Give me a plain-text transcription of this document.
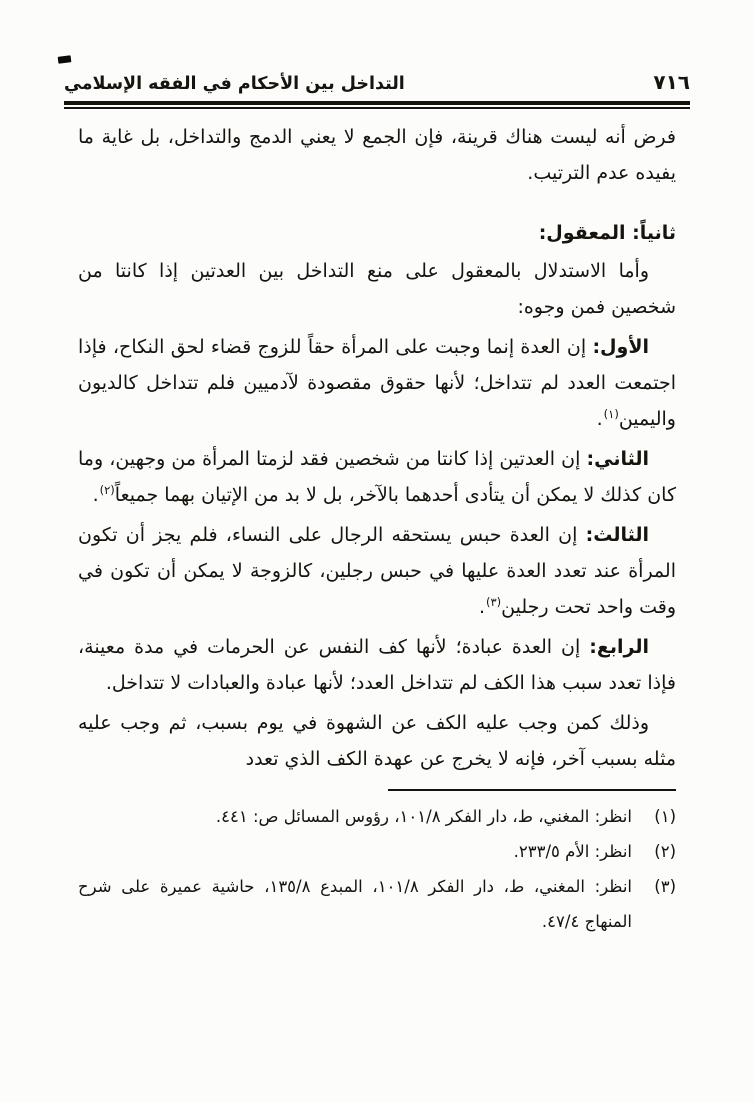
٧١٦
التداخل بين الأحكام في الفقه الإسلامي

فرض أنه ليست هناك قرينة، فإن الجمع لا يعني الدمج والتداخل، بل غاية ما يفيده عدم الترتيب.

ثانياً: المعقول:

وأما الاستدلال بالمعقول على منع التداخل بين العدتين إذا كانتا من شخصين فمن وجوه:

الأول: إن العدة إنما وجبت على المرأة حقاً للزوج قضاء لحق النكاح، فإذا اجتمعت العدد لم تتداخل؛ لأنها حقوق مقصودة لآدميين فلم تتداخل كالديون واليمين$^{(١)}$.

الثاني: إن العدتين إذا كانتا من شخصين فقد لزمتا المرأة من وجهين، وما كان كذلك لا يمكن أن يتأدى أحدهما بالآخر، بل لا بد من الإتيان بهما جميعاً$^{(٢)}$.

الثالث: إن العدة حبس يستحقه الرجال على النساء، فلم يجز أن تكون المرأة عند تعدد العدة عليها في حبس رجلين، كالزوجة لا يمكن أن تكون في وقت واحد تحت رجلين$^{(٣)}$.

الرابع: إن العدة عبادة؛ لأنها كف النفس عن الحرمات في مدة معينة، فإذا تعدد سبب هذا الكف لم تتداخل العدد؛ لأنها عبادة والعبادات لا تتداخل.

وذلك كمن وجب عليه الكف عن الشهوة في يوم بسبب، ثم وجب عليه مثله بسبب آخر، فإنه لا يخرج عن عهدة الكف الذي تعدد

(١)
انظر: المغني، ط، دار الفكر ١٠١/٨، رؤوس المسائل ص: ٤٤١.
(٢)
انظر: الأم ٢٣٣/٥.
(٣)
انظر: المغني، ط، دار الفكر ١٠١/٨، المبدع ١٣٥/٨، حاشية عميرة على شرح المنهاج ٤٧/٤.
